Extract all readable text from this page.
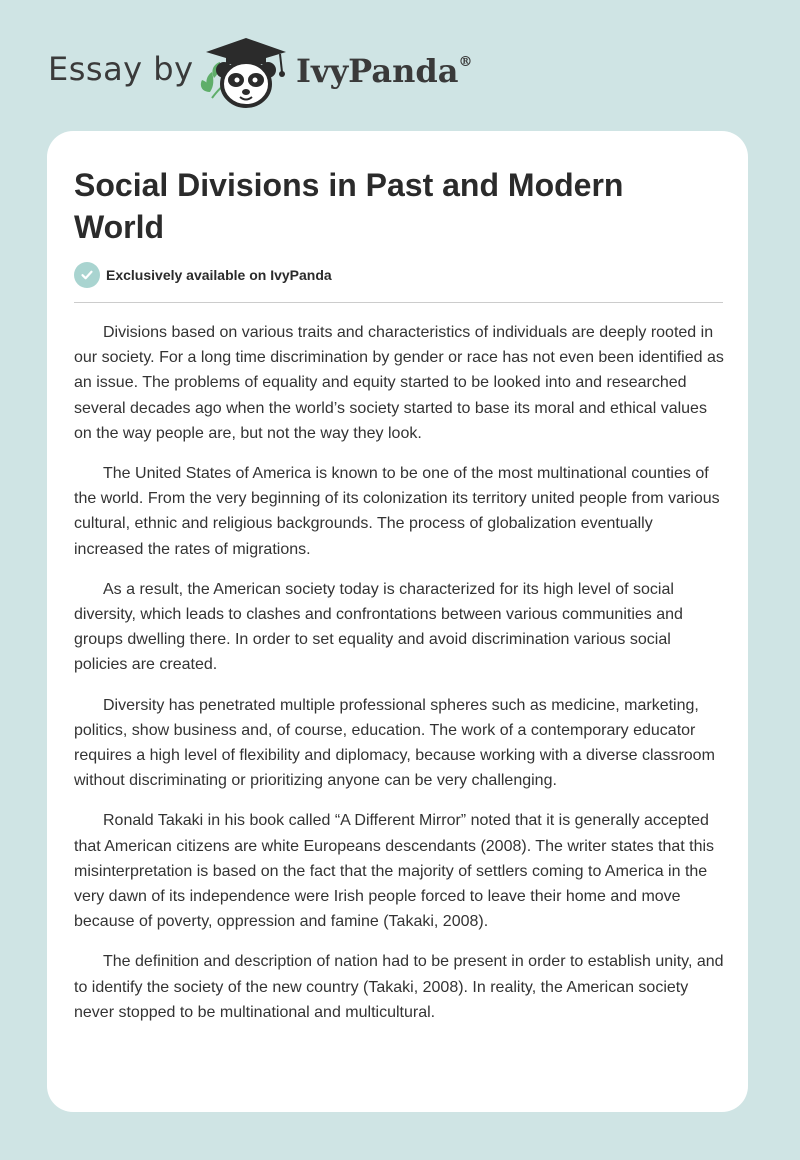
Essay by	IvyPanda®
Social Divisions in Past and Modern World
Exclusively available on IvyPanda

Divisions based on various traits and characteristics of individuals are deeply rooted in our society. For a long time discrimination by gender or race has not even been identified as an issue. The problems of equality and equity started to be looked into and researched several decades ago when the world’s society started to base its moral and ethical values on the way people are, but not the way they look.

The United States of America is known to be one of the most multinational counties of the world. From the very beginning of its colonization its territory united people from various cultural, ethnic and religious backgrounds. The process of globalization eventually increased the rates of migrations.

As a result, the American society today is characterized for its high level of social diversity, which leads to clashes and confrontations between various communities and groups dwelling there. In order to set equality and avoid discrimination various social policies are created.

Diversity has penetrated multiple professional spheres such as medicine, marketing, politics, show business and, of course, education. The work of a contemporary educator requires a high level of flexibility and diplomacy, because working with a diverse classroom without discriminating or prioritizing anyone can be very challenging.

Ronald Takaki in his book called “A Different Mirror” noted that it is generally accepted that American citizens are white Europeans descendants (2008). The writer states that this misinterpretation is based on the fact that the majority of settlers coming to America in the very dawn of its independence were Irish people forced to leave their home and move because of poverty, oppression and famine (Takaki, 2008).

The definition and description of nation had to be present in order to establish unity, and to identify the society of the new country (Takaki, 2008). In reality, the American society never stopped to be multinational and multicultural.
